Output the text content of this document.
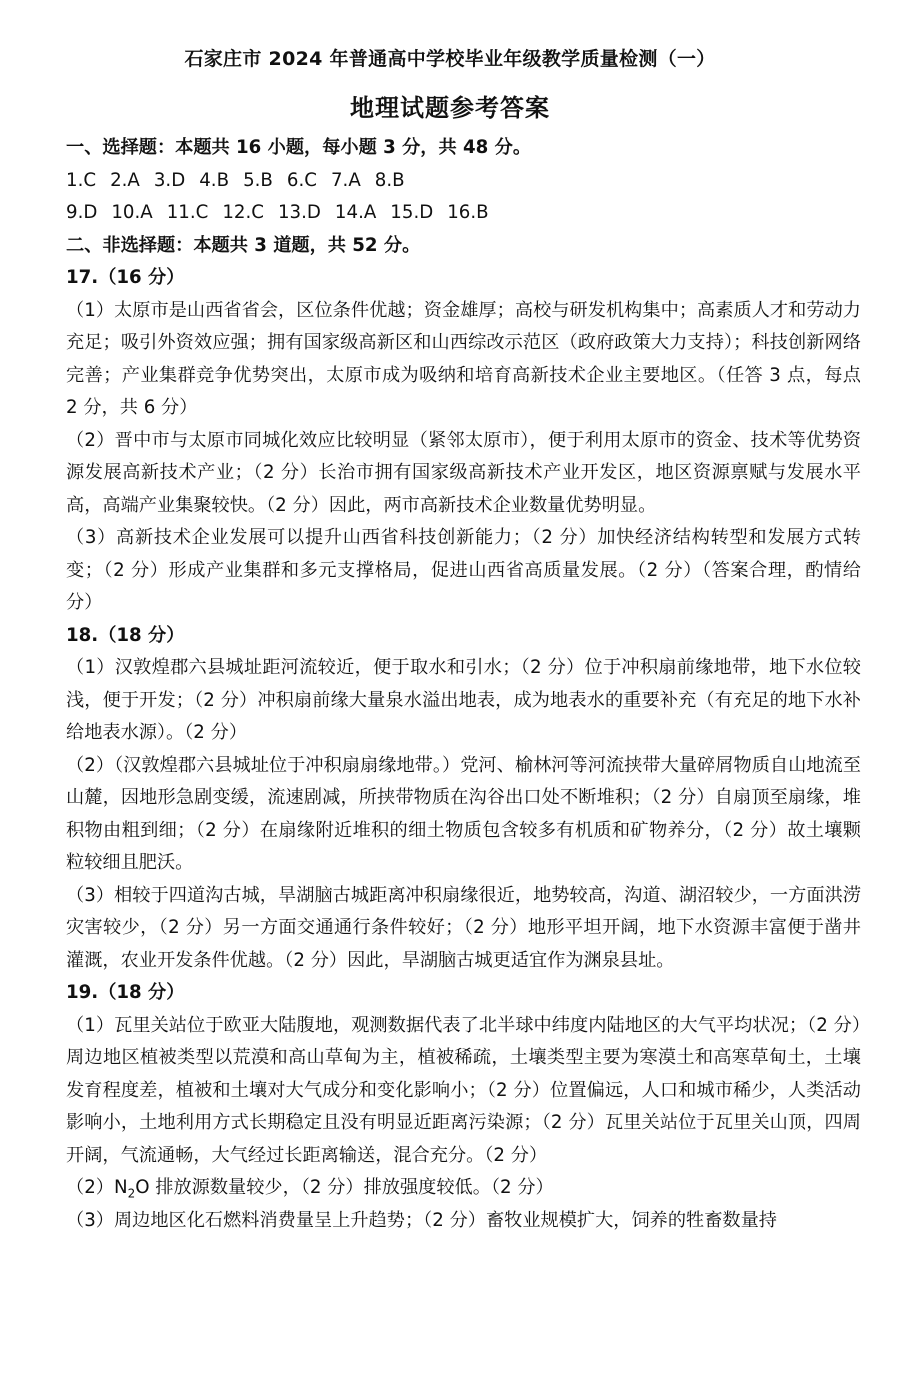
石家庄市 2024 年普通高中学校毕业年级教学质量检测（一）
地理试题参考答案
一、选择题：本题共 16 小题，每小题 3 分，共 48 分。
1.C 2.A 3.D 4.B 5.B 6.C 7.A 8.B
9.D 10.A 11.C 12.C 13.D 14.A 15.D 16.B
二、非选择题：本题共 3 道题，共 52 分。
17.（16 分）
（1）太原市是山西省省会，区位条件优越；资金雄厚；高校与研发机构集中；高素质人才和劳动力充足；吸引外资效应强；拥有国家级高新区和山西综改示范区（政府政策大力支持）；科技创新网络完善；产业集群竞争优势突出，太原市成为吸纳和培育高新技术企业主要地区。（任答 3 点，每点 2 分，共 6 分）
（2）晋中市与太原市同城化效应比较明显（紧邻太原市），便于利用太原市的资金、技术等优势资源发展高新技术产业；（2 分）长治市拥有国家级高新技术产业开发区，地区资源禀赋与发展水平高，高端产业集聚较快。（2 分）因此，两市高新技术企业数量优势明显。
（3）高新技术企业发展可以提升山西省科技创新能力；（2 分）加快经济结构转型和发展方式转变；（2 分）形成产业集群和多元支撑格局，促进山西省高质量发展。（2 分）（答案合理，酌情给分）
18.（18 分）
（1）汉敦煌郡六县城址距河流较近，便于取水和引水；（2 分）位于冲积扇前缘地带，地下水位较浅，便于开发；（2 分）冲积扇前缘大量泉水溢出地表，成为地表水的重要补充（有充足的地下水补给地表水源）。（2 分）
（2）（汉敦煌郡六县城址位于冲积扇扇缘地带。）党河、榆林河等河流挟带大量碎屑物质自山地流至山麓，因地形急剧变缓，流速剧减，所挟带物质在沟谷出口处不断堆积；（2 分）自扇顶至扇缘，堆积物由粗到细；（2 分）在扇缘附近堆积的细土物质包含较多有机质和矿物养分，（2 分）故土壤颗粒较细且肥沃。
（3）相较于四道沟古城，旱湖脑古城距离冲积扇缘很近，地势较高，沟道、湖沼较少，一方面洪涝灾害较少，（2 分）另一方面交通通行条件较好；（2 分）地形平坦开阔，地下水资源丰富便于凿井灌溉，农业开发条件优越。（2 分）因此，旱湖脑古城更适宜作为渊泉县址。
19.（18 分）
（1）瓦里关站位于欧亚大陆腹地，观测数据代表了北半球中纬度内陆地区的大气平均状况；（2 分）周边地区植被类型以荒漠和高山草甸为主，植被稀疏，土壤类型主要为寒漠土和高寒草甸土，土壤发育程度差，植被和土壤对大气成分和变化影响小；（2 分）位置偏远，人口和城市稀少，人类活动影响小，土地利用方式长期稳定且没有明显近距离污染源；（2 分）瓦里关站位于瓦里关山顶，四周开阔，气流通畅，大气经过长距离输送，混合充分。（2 分）
$(2)N_2O$ 排放源数量较少，（2 分）排放强度较低。（2 分）
（3）周边地区化石燃料消费量呈上升趋势；（2 分）畜牧业规模扩大，饲养的牲畜数量持
